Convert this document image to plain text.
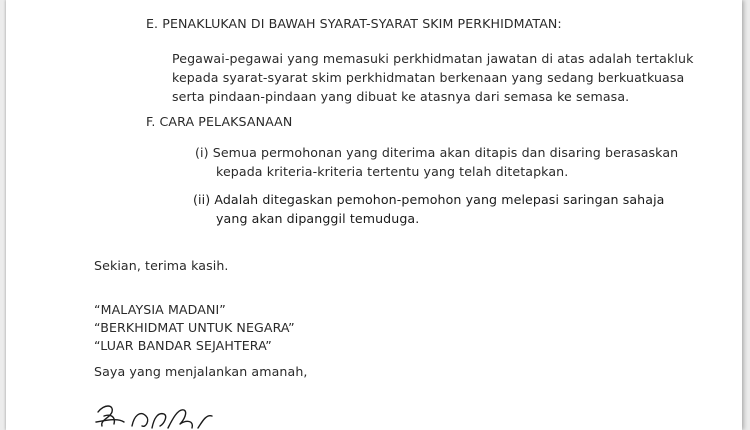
E. PENAKLUKAN DI BAWAH SYARAT-SYARAT SKIM PERKHIDMATAN:
Pegawai-pegawai yang memasuki perkhidmatan jawatan di atas adalah tertakluk
kepada syarat-syarat skim perkhidmatan berkenaan yang sedang berkuatkuasa
serta pindaan-pindaan yang dibuat ke atasnya dari semasa ke semasa.
F. CARA PELAKSANAAN
(i) Semua permohonan yang diterima akan ditapis dan disaring berasaskan
kepada kriteria-kriteria tertentu yang telah ditetapkan.
(ii) Adalah ditegaskan pemohon-pemohon yang melepasi saringan sahaja
yang akan dipanggil temuduga.
Sekian, terima kasih.
“MALAYSIA MADANI”
“BERKHIDMAT UNTUK NEGARA”
“LUAR BANDAR SEJAHTERA”
Saya yang menjalankan amanah,
